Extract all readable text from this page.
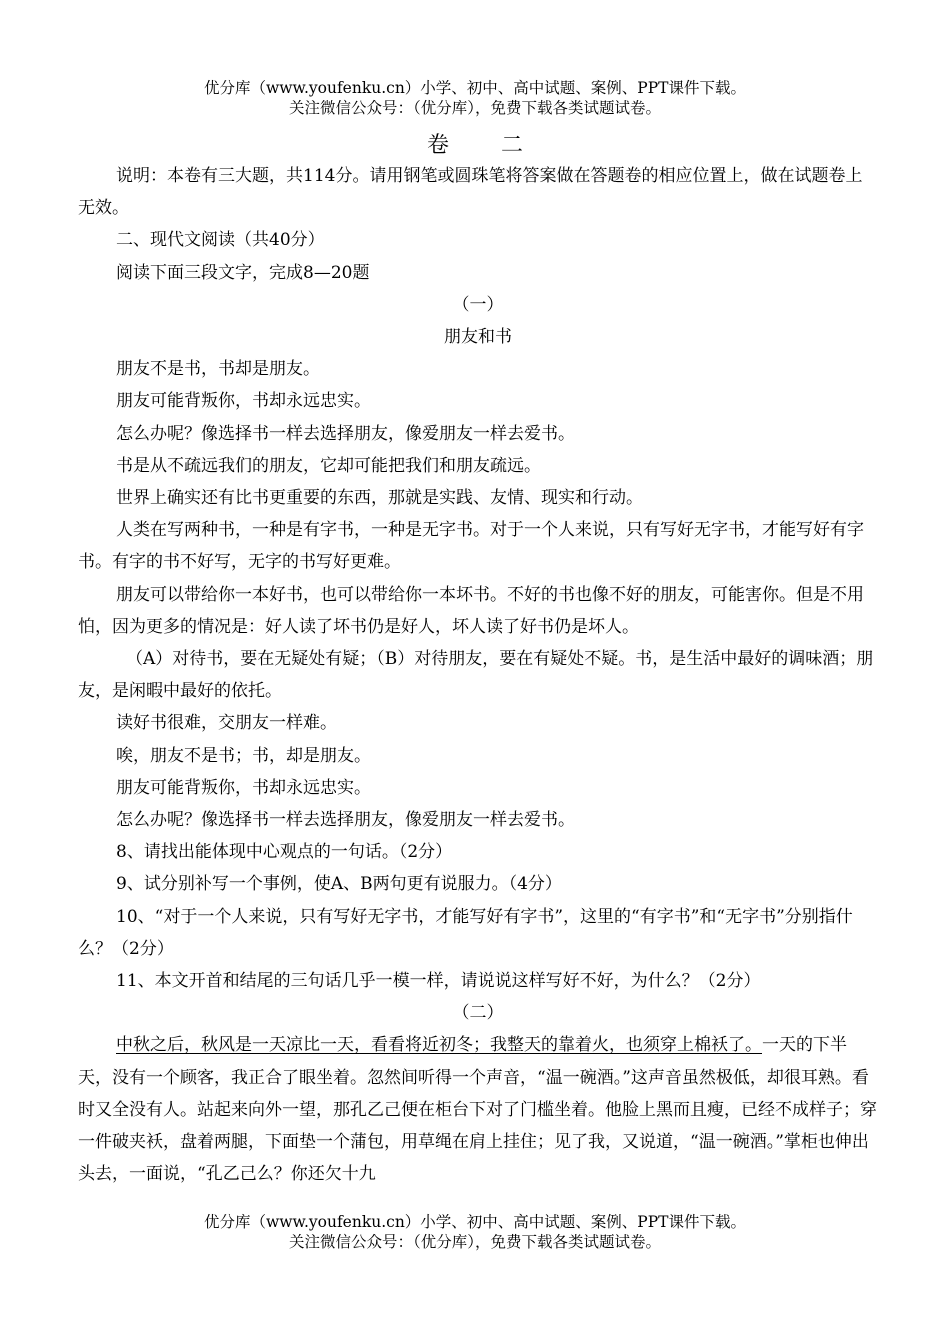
优分库（www.youfenku.cn）小学、初中、高中试题、案例、PPT课件下载。
关注微信公众号：（优分库），免费下载各类试题试卷。
卷二

说明：本卷有三大题，共114分。请用钢笔或圆珠笔将答案做在答题卷的相应位置上，做在试题卷上无效。

二、现代文阅读（共40分）

阅读下面三段文字，完成8—20题

（一）

朋友和书

朋友不是书，书却是朋友。

朋友可能背叛你，书却永远忠实。

怎么办呢？像选择书一样去选择朋友，像爱朋友一样去爱书。

书是从不疏远我们的朋友，它却可能把我们和朋友疏远。

世界上确实还有比书更重要的东西，那就是实践、友情、现实和行动。

人类在写两种书，一种是有字书，一种是无字书。对于一个人来说，只有写好无字书，才能写好有字书。有字的书不好写，无字的书写好更难。

朋友可以带给你一本好书，也可以带给你一本坏书。不好的书也像不好的朋友，可能害你。但是不用怕，因为更多的情况是：好人读了坏书仍是好人，坏人读了好书仍是坏人。

（A）对待书，要在无疑处有疑；（B）对待朋友，要在有疑处不疑。书，是生活中最好的调味酒；朋友，是闲暇中最好的依托。

读好书很难，交朋友一样难。

唉，朋友不是书；书，却是朋友。

朋友可能背叛你，书却永远忠实。

怎么办呢？像选择书一样去选择朋友，像爱朋友一样去爱书。

8、请找出能体现中心观点的一句话。（2分）

9、试分别补写一个事例，使A、B两句更有说服力。（4分）

10、“对于一个人来说，只有写好无字书，才能写好有字书”，这里的“有字书”和“无字书”分别指什么？（2分）

11、本文开首和结尾的三句话几乎一模一样，请说说这样写好不好，为什么？（2分）

（二）

中秋之后，秋风是一天凉比一天，看看将近初冬；我整天的靠着火，也须穿上棉袄了。一天的下半天，没有一个顾客，我正合了眼坐着。忽然间听得一个声音，“温一碗酒。”这声音虽然极低，却很耳熟。看时又全没有人。站起来向外一望，那孔乙己便在柜台下对了门槛坐着。他脸上黑而且瘦，已经不成样子；穿一件破夹袄，盘着两腿，下面垫一个蒲包，用草绳在肩上挂住；见了我，又说道，“温一碗酒。”掌柜也伸出头去，一面说，“孔乙己么？你还欠十九

优分库（www.youfenku.cn）小学、初中、高中试题、案例、PPT课件下载。
关注微信公众号：（优分库），免费下载各类试题试卷。
